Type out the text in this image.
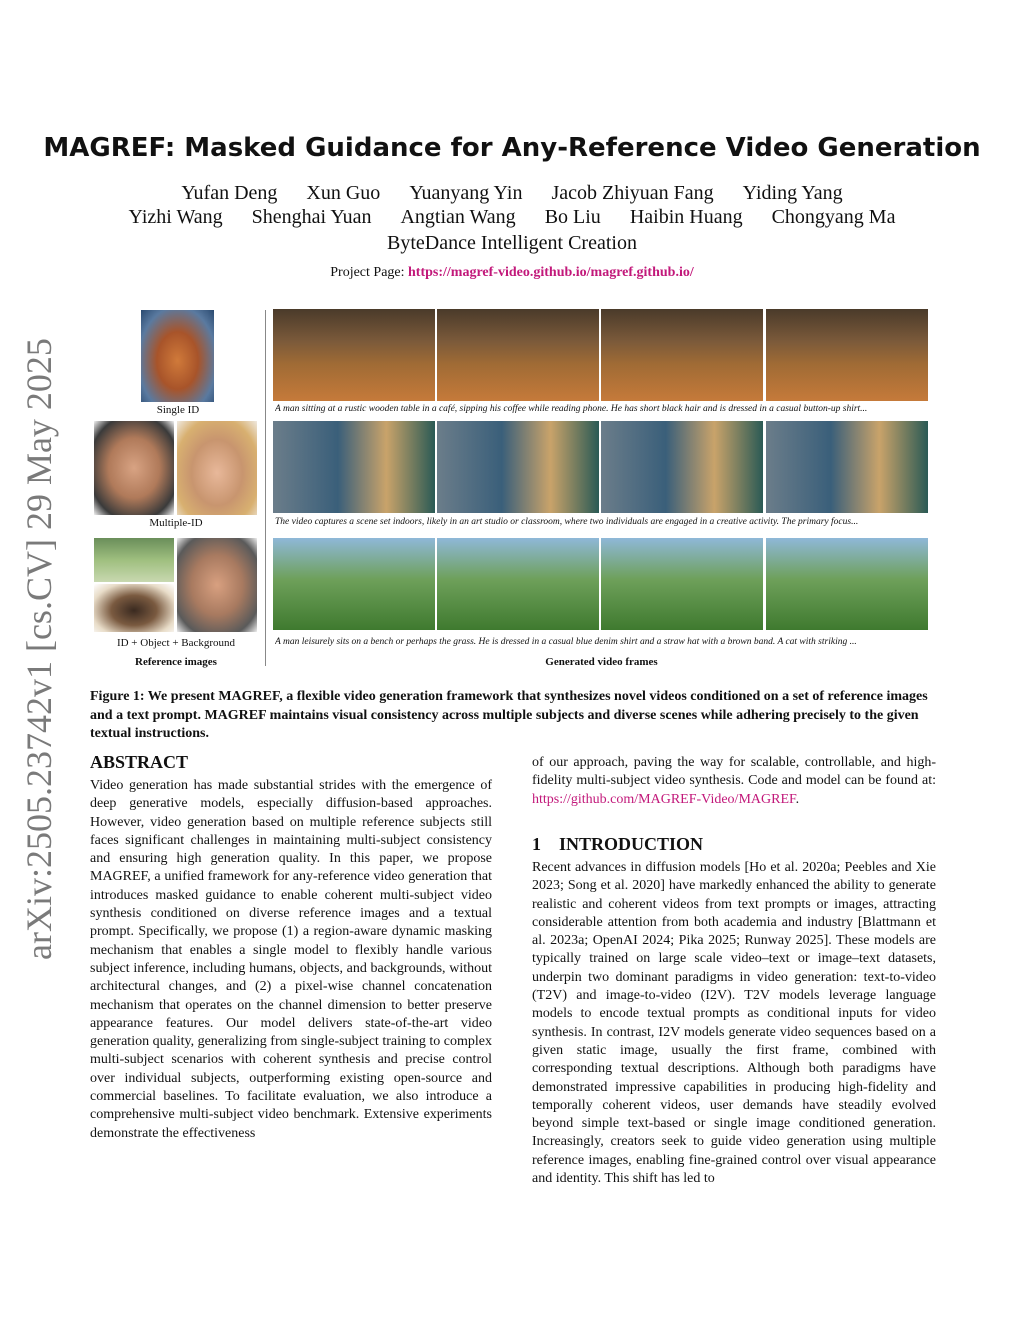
arXiv:2505.23742v1 [cs.CV] 29 May 2025
MAGREF: Masked Guidance for Any-Reference Video Generation
Yufan Deng Xun Guo Yuanyang Yin Jacob Zhiyuan Fang Yiding Yang
Yizhi Wang Shenghai Yuan Angtian Wang Bo Liu Haibin Huang Chongyang Ma
ByteDance Intelligent Creation
Project Page: https://magref-video.github.io/magref.github.io/
Single ID
Multiple-ID
ID + Object + Background
Reference images
A man sitting at a rustic wooden table in a café, sipping his coffee while reading phone. He has short black hair and is dressed in a casual button-up shirt...
The video captures a scene set indoors, likely in an art studio or classroom, where two individuals are engaged in a creative activity. The primary focus...
A man leisurely sits on a bench or perhaps the grass. He is dressed in a casual blue denim shirt and a straw hat with a brown band. A cat with striking ...
Generated video frames
Figure 1: We present MAGREF, a flexible video generation framework that synthesizes novel videos conditioned on a set of reference images and a text prompt. MAGREF maintains visual consistency across multiple subjects and diverse scenes while adhering precisely to the given textual instructions.
ABSTRACT
Video generation has made substantial strides with the emergence of deep generative models, especially diffusion-based approaches. However, video generation based on multiple reference subjects still faces significant challenges in maintaining multi-subject consistency and ensuring high generation quality. In this paper, we propose MAGREF, a unified framework for any-reference video generation that introduces masked guidance to enable coherent multi-subject video synthesis conditioned on diverse reference images and a textual prompt. Specifically, we propose (1) a region-aware dynamic masking mechanism that enables a single model to flexibly handle various subject inference, including humans, objects, and backgrounds, without architectural changes, and (2) a pixel-wise channel concatenation mechanism that operates on the channel dimension to better preserve appearance features. Our model delivers state-of-the-art video generation quality, generalizing from single-subject training to complex multi-subject scenarios with coherent synthesis and precise control over individual subjects, outperforming existing open-source and commercial baselines. To facilitate evaluation, we also introduce a comprehensive multi-subject video benchmark. Extensive experiments demonstrate the effectiveness
of our approach, paving the way for scalable, controllable, and high-fidelity multi-subject video synthesis. Code and model can be found at: https://github.com/MAGREF-Video/MAGREF.
1    INTRODUCTION
Recent advances in diffusion models [Ho et al. 2020a; Peebles and Xie 2023; Song et al. 2020] have markedly enhanced the ability to generate realistic and coherent videos from text prompts or images, attracting considerable attention from both academia and industry [Blattmann et al. 2023a; OpenAI 2024; Pika 2025; Runway 2025]. These models are typically trained on large scale video–text or image–text datasets, underpin two dominant paradigms in video generation: text-to-video (T2V) and image-to-video (I2V). T2V models leverage language models to encode textual prompts as conditional inputs for video synthesis. In contrast, I2V models generate video sequences based on a given static image, usually the first frame, combined with corresponding textual descriptions. Although both paradigms have demonstrated impressive capabilities in producing high-fidelity and temporally coherent videos, user demands have steadily evolved beyond simple text-based or single image conditioned generation. Increasingly, creators seek to guide video generation using multiple reference images, enabling fine-grained control over visual appearance and identity. This shift has led to
